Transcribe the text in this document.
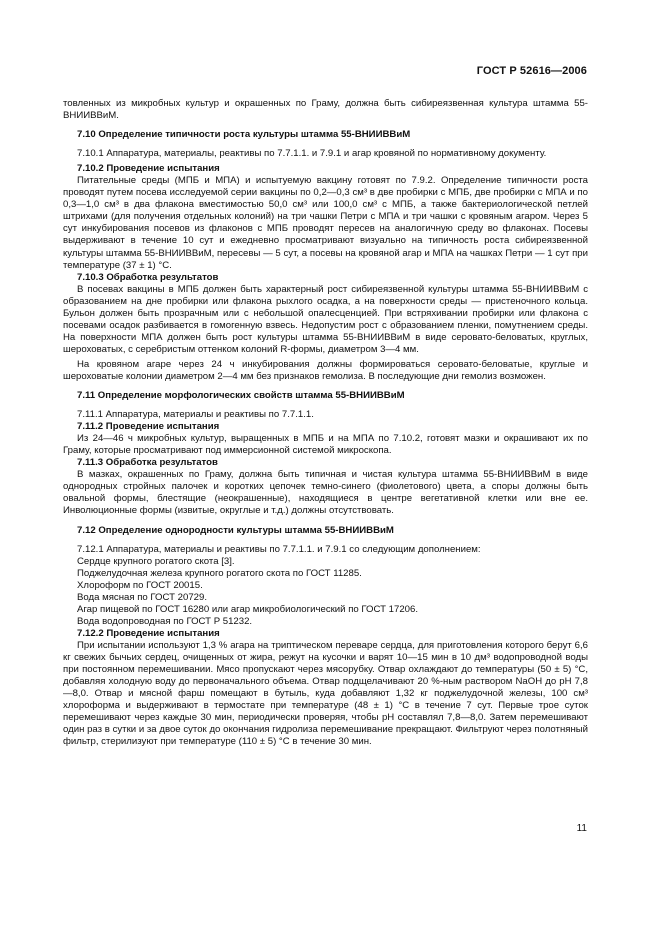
ГОСТ Р 52616—2006

товленных из микробных культур и окрашенных по Граму, должна быть сибиреязвенная культура штамма 55-ВНИИВВиМ.

7.10 Определение типичности роста культуры штамма 55-ВНИИВВиМ

7.10.1 Аппаратура, материалы, реактивы по 7.7.1.1. и 7.9.1 и агар кровяной по нормативному документу.

7.10.2 Проведение испытания

Питательные среды (МПБ и МПА) и испытуемую вакцину готовят по 7.9.2. Определение типичности роста проводят путем посева исследуемой серии вакцины по 0,2—0,3 см³ в две пробирки с МПБ, две пробирки с МПА и по 0,3—1,0 см³ в два флакона вместимостью 50,0 см³ или 100,0 см³ с МПБ, а также бактериологической петлей штрихами (для получения отдельных колоний) на три чашки Петри с МПА и три чашки с кровяным агаром. Через 5 сут инкубирования посевов из флаконов с МПБ проводят пересев на аналогичную среду во флаконах. Посевы выдерживают в течение 10 сут и ежедневно просматривают визуально на типичность роста сибиреязвенной культуры штамма 55-ВНИИВВиМ, пересевы — 5 сут, а посевы на кровяной агар и МПА на чашках Петри — 1 сут при температуре (37 ± 1) °С.

7.10.3 Обработка результатов

В посевах вакцины в МПБ должен быть характерный рост сибиреязвенной культуры штамма 55-ВНИИВВиМ с образованием на дне пробирки или флакона рыхлого осадка, а на поверхности среды — пристеночного кольца. Бульон должен быть прозрачным или с небольшой опалесценцией. При встряхивании пробирки или флакона с посевами осадок разбивается в гомогенную взвесь. Недопустим рост с образованием пленки, помутнением среды. На поверхности МПА должен быть рост культуры штамма 55-ВНИИВВиМ в виде серовато-беловатых, круглых, шероховатых, с серебристым оттенком колоний R-формы, диаметром 3—4 мм.

На кровяном агаре через 24 ч инкубирования должны формироваться серовато-беловатые, круглые и шероховатые колонии диаметром 2—4 мм без признаков гемолиза. В последующие дни гемолиз возможен.

7.11 Определение морфологических свойств штамма 55-ВНИИВВиМ

7.11.1 Аппаратура, материалы и реактивы по 7.7.1.1.

7.11.2 Проведение испытания

Из 24—46 ч микробных культур, выращенных в МПБ и на МПА по 7.10.2, готовят мазки и окрашивают их по Граму, которые просматривают под иммерсионной системой микроскопа.

7.11.3 Обработка результатов

В мазках, окрашенных по Граму, должна быть типичная и чистая культура штамма 55-ВНИИВВиМ в виде однородных стройных палочек и коротких цепочек темно-синего (фиолетового) цвета, а споры должны быть овальной формы, блестящие (неокрашенные), находящиеся в центре вегетативной клетки или вне ее. Инволюционные формы (извитые, округлые и т.д.) должны отсутствовать.

7.12 Определение однородности культуры штамма 55-ВНИИВВиМ

7.12.1 Аппаратура, материалы и реактивы по 7.7.1.1. и 7.9.1 со следующим дополнением:

Сердце крупного рогатого скота [3].

Поджелудочная железа крупного рогатого скота по ГОСТ 11285.

Хлороформ по ГОСТ 20015.

Вода мясная по ГОСТ 20729.

Агар пищевой по ГОСТ 16280 или агар микробиологический по ГОСТ 17206.

Вода водопроводная по ГОСТ Р 51232.

7.12.2 Проведение испытания

При испытании используют 1,3 % агара на триптическом переваре сердца, для приготовления которого берут 6,6 кг свежих бычьих сердец, очищенных от жира, режут на кусочки и варят 10—15 мин в 10 дм³ водопроводной воды при постоянном перемешивании. Мясо пропускают через мясорубку. Отвар охлаждают до температуры (50 ± 5) °С, добавляя холодную воду до первоначального объема. Отвар подщелачивают 20 %-ным раствором NaOH до рН 7,8—8,0. Отвар и мясной фарш помещают в бутыль, куда добавляют 1,32 кг поджелудочной железы, 100 см³ хлороформа и выдерживают в термостате при температуре (48 ± 1) °С в течение 7 сут. Первые трое суток перемешивают через каждые 30 мин, периодически проверяя, чтобы рН составлял 7,8—8,0. Затем перемешивают один раз в сутки и за двое суток до окончания гидролиза перемешивание прекращают. Фильтруют через полотняный фильтр, стерилизуют при температуре (110 ± 5) °С в течение 30 мин.

11
